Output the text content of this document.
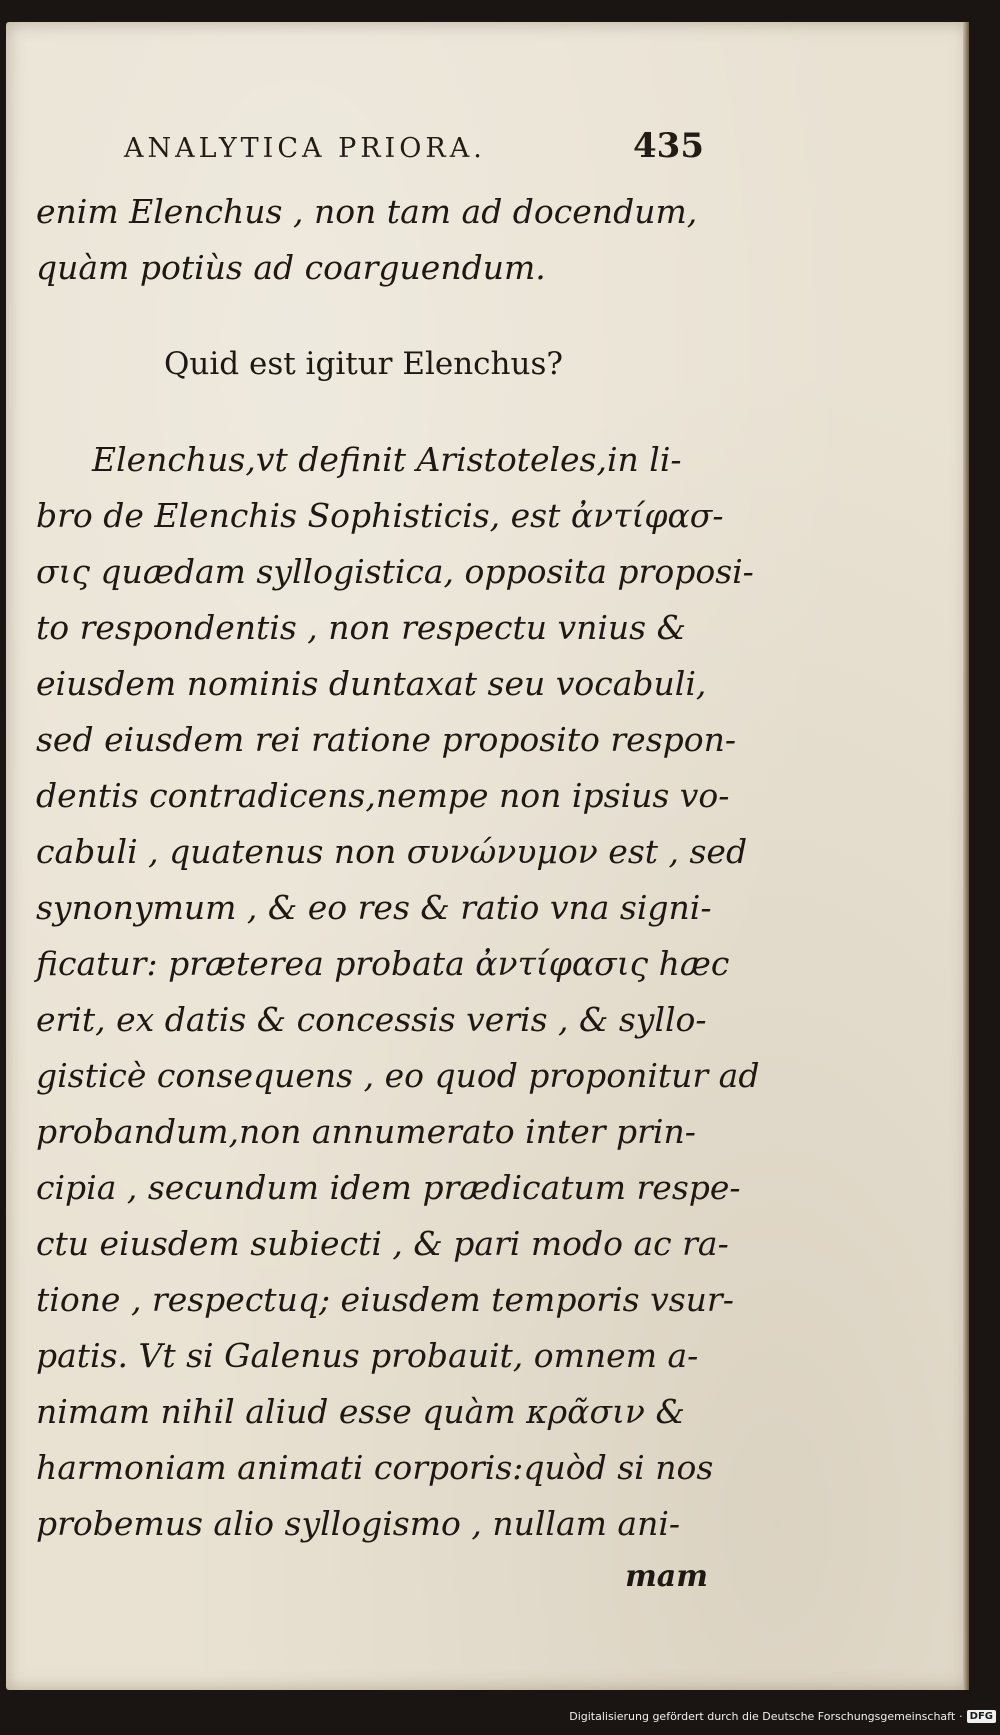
ANALYTICA PRIORA.	435
enim Elenchus , non tam ad docendum,
quàm potiùs ad coarguendum.
Quid est igitur Elenchus?
Elenchus,vt definit Aristoteles,in li-
bro de Elenchis Sophisticis, est ἀντίφασ-
σις quædam syllogistica, opposita proposi-
to respondentis , non respectu vnius &
eiusdem nominis duntaxat seu vocabuli,
sed eiusdem rei ratione proposito respon-
dentis contradicens,nempe non ipsius vo-
cabuli , quatenus non συνώνυμον est , sed
synonymum , & eo res & ratio vna signi-
ficatur: præterea probata ἀντίφασις hæc
erit, ex datis & concessis veris , & syllo-
gisticè consequens , eo quod proponitur ad
probandum,non annumerato inter prin-
cipia , secundum idem prædicatum respe-
ctu eiusdem subiecti , & pari modo ac ra-
tione , respectuq; eiusdem temporis vsur-
patis. Vt si Galenus probauit, omnem a-
nimam nihil aliud esse quàm κρᾶσιν &
harmoniam animati corporis:quòd si nos
probemus alio syllogismo , nullam ani-
mam
Digitalisierung gefördert durch die Deutsche Forschungsgemeinschaft · DFG
